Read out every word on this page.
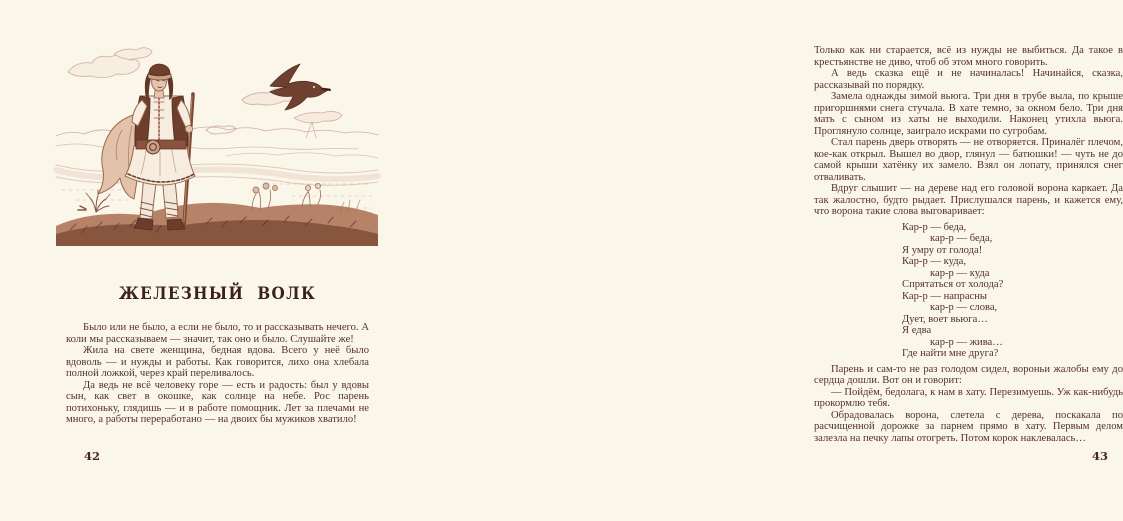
ЖЕЛЕЗНЫЙ ВОЛК

Было или не было, а если не было, то и рассказывать нечего. А коли мы рассказываем — значит, так оно и было. Слушайте же!

Жила на свете женщина, бедная вдова. Всего у неё было вдоволь — и нужды и работы. Как говорится, лихо она хлебала полной ложкой, через край переливалось.

Да ведь не всё человеку горе — есть и радость: был у вдовы сын, как свет в окошке, как солнце на небе. Рос парень потихоньку, глядишь — и в работе помощник. Лет за плечами не много, а работы переработано — на двоих бы мужиков хватило!

42

Только как ни старается, всё из нужды не выбиться. Да такое в крестьянстве не диво, чтоб об этом много говорить.

А ведь сказка ещё и не начиналась! Начинайся, сказка, рассказывай по порядку.

Замела однажды зимой вьюга. Три дня в трубе выла, по крыше пригоршнями снега стучала. В хате темно, за окном бело. Три дня мать с сыном из хаты не выходили. Наконец утихла вьюга. Проглянуло солнце, заиграло искрами по сугробам.

Стал парень дверь отворять — не отворяется. Приналёг плечом, кое-как открыл. Вышел во двор, глянул — батюшки! — чуть не до самой крыши хатёнку их замело. Взял он лопату, принялся снег отваливать.

Вдруг слышит — на дереве над его головой ворона каркает. Да так жалостно, будто рыдает. Прислушался парень, и кажется ему, что ворона такие слова выговаривает:

Кар-р — беда,
кар-р — беда,
Я умру от голода!
Кар-р — куда,
кар-р — куда
Спрятаться от холода?
Кар-р — напрасны
кар-р — слова,
Дует, воет вьюга…
Я едва
кар-р — жива…
Где найти мне друга?

Парень и сам-то не раз голодом сидел, вороньи жалобы ему до сердца дошли. Вот он и говорит:

— Пойдём, бедолага, к нам в хату. Перезимуешь. Уж как-нибудь прокормлю тебя.

Обрадовалась ворона, слетела с дерева, поскакала по расчищенной дорожке за парнем прямо в хату. Первым делом залезла на печку лапы отогреть. Потом корок наклевалась…

43
